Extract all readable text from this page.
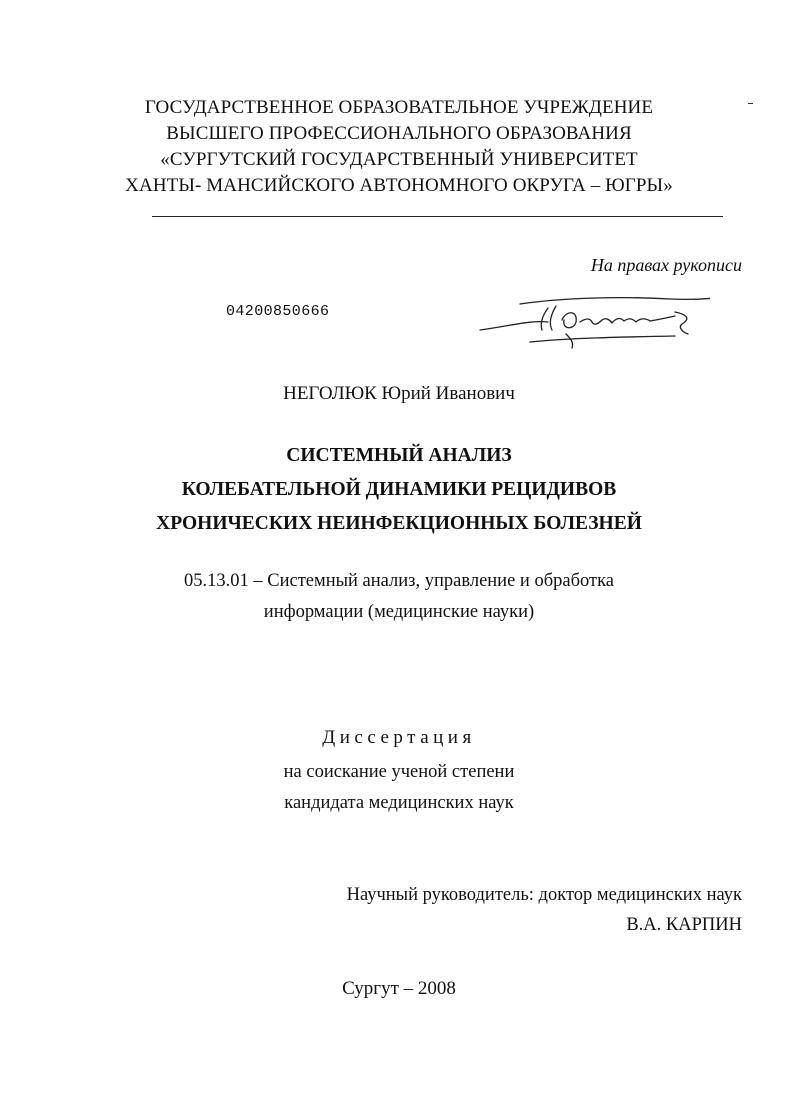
ГОСУДАРСТВЕННОЕ ОБРАЗОВАТЕЛЬНОЕ УЧРЕЖДЕНИЕ
ВЫСШЕГО ПРОФЕССИОНАЛЬНОГО ОБРАЗОВАНИЯ
«СУРГУТСКИЙ ГОСУДАРСТВЕННЫЙ УНИВЕРСИТЕТ
ХАНТЫ- МАНСИЙСКОГО АВТОНОМНОГО ОКРУГА – ЮГРЫ»
На правах рукописи
04200850666
НЕГОЛЮК Юрий Иванович
СИСТЕМНЫЙ АНАЛИЗ
КОЛЕБАТЕЛЬНОЙ ДИНАМИКИ РЕЦИДИВОВ
ХРОНИЧЕСКИХ НЕИНФЕКЦИОННЫХ БОЛЕЗНЕЙ
05.13.01 – Системный анализ, управление и обработка
информации (медицинские науки)
Диссертация
на соискание ученой степени
кандидата медицинских наук
Научный руководитель: доктор медицинских наук
В.А. КАРПИН
Сургут – 2008
